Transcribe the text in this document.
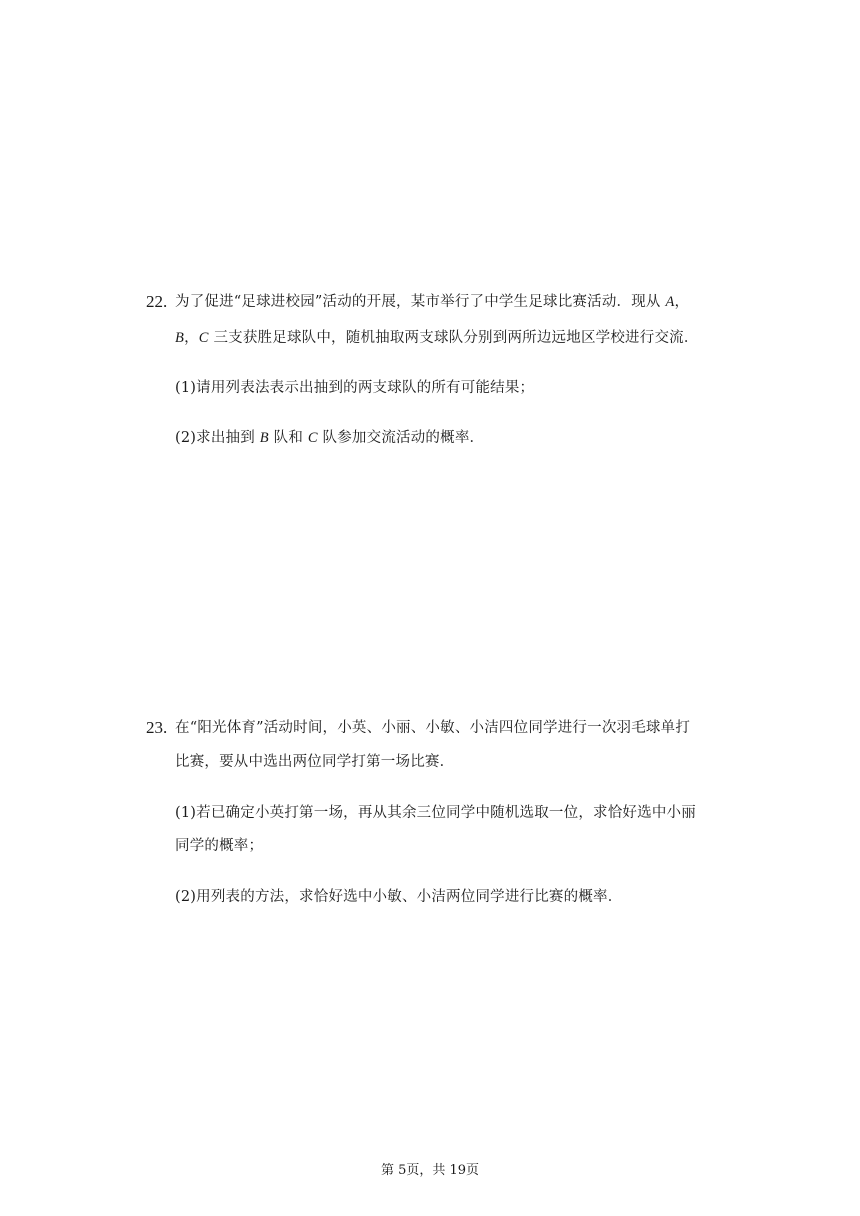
22. 为了促进“足球进校园”活动的开展，某市举行了中学生足球比赛活动．现从 A，
B，C 三支获胜足球队中，随机抽取两支球队分别到两所边远地区学校进行交流．
(1)请用列表法表示出抽到的两支球队的所有可能结果；
(2)求出抽到 B 队和 C 队参加交流活动的概率．
23. 在“阳光体育”活动时间，小英、小丽、小敏、小洁四位同学进行一次羽毛球单打
比赛，要从中选出两位同学打第一场比赛．
(1)若已确定小英打第一场，再从其余三位同学中随机选取一位，求恰好选中小丽
同学的概率；
(2)用列表的方法，求恰好选中小敏、小洁两位同学进行比赛的概率．
第 5页，共 19页
